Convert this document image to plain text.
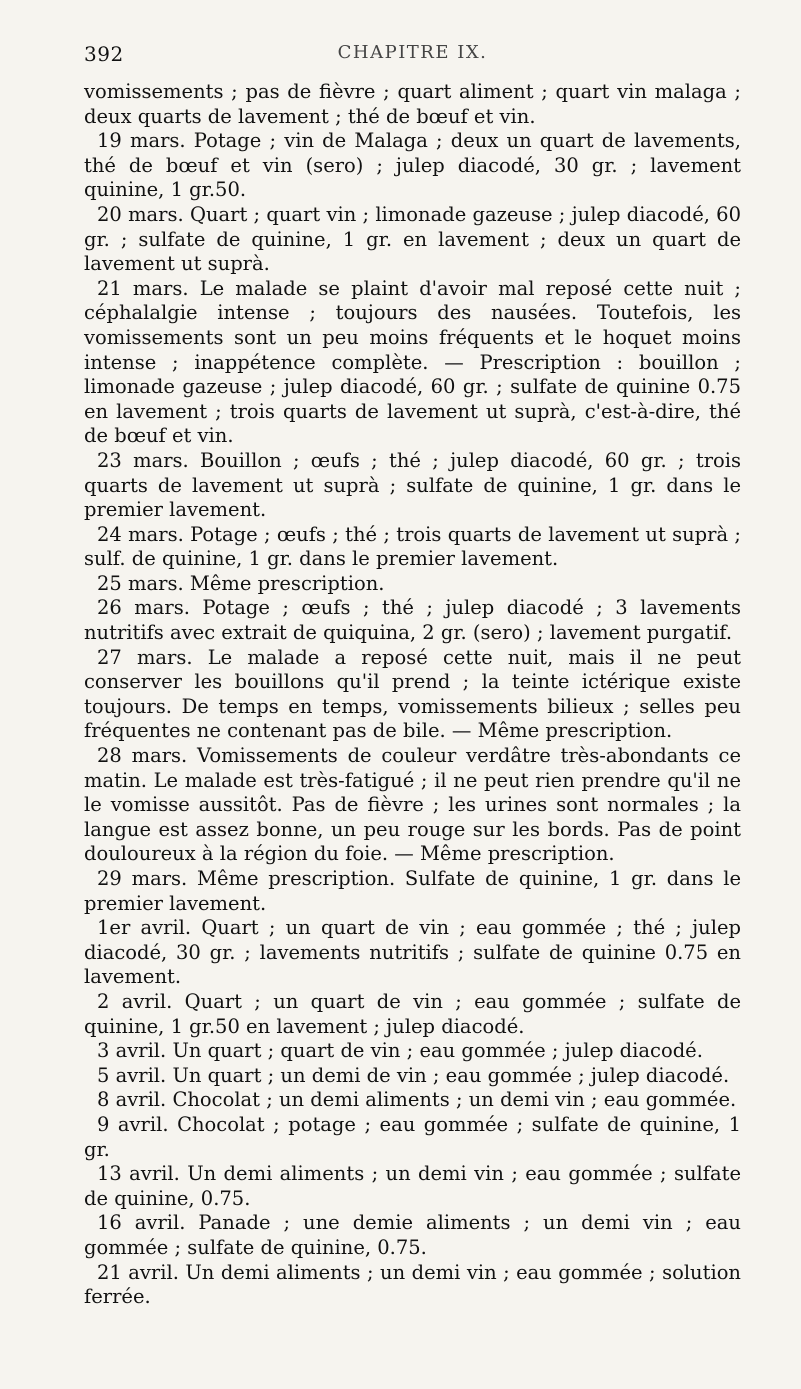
392	CHAPITRE IX.

vomissements ; pas de fièvre ; quart aliment ; quart vin malaga ; deux quarts de lavement ; thé de bœuf et vin.

19 mars. Potage ; vin de Malaga ; deux un quart de lavements, thé de bœuf et vin (sero) ; julep diacodé, 30 gr. ; lavement quinine, 1 gr.50.

20 mars. Quart ; quart vin ; limonade gazeuse ; julep diacodé, 60 gr. ; sulfate de quinine, 1 gr. en lavement ; deux un quart de lavement ut suprà.

21 mars. Le malade se plaint d'avoir mal reposé cette nuit ; céphalalgie intense ; toujours des nausées. Toutefois, les vomissements sont un peu moins fréquents et le hoquet moins intense ; inappétence complète. — Prescription : bouillon ; limonade gazeuse ; julep diacodé, 60 gr. ; sulfate de quinine 0.75 en lavement ; trois quarts de lavement ut suprà, c'est-à-dire, thé de bœuf et vin.

23 mars. Bouillon ; œufs ; thé ; julep diacodé, 60 gr. ; trois quarts de lavement ut suprà ; sulfate de quinine, 1 gr. dans le premier lavement.

24 mars. Potage ; œufs ; thé ; trois quarts de lavement ut suprà ; sulf. de quinine, 1 gr. dans le premier lavement.

25 mars. Même prescription.

26 mars. Potage ; œufs ; thé ; julep diacodé ; 3 lavements nutritifs avec extrait de quiquina, 2 gr. (sero) ; lavement purgatif.

27 mars. Le malade a reposé cette nuit, mais il ne peut conserver les bouillons qu'il prend ; la teinte ictérique existe toujours. De temps en temps, vomissements bilieux ; selles peu fréquentes ne contenant pas de bile. — Même prescription.

28 mars. Vomissements de couleur verdâtre très-abondants ce matin. Le malade est très-fatigué ; il ne peut rien prendre qu'il ne le vomisse aussitôt. Pas de fièvre ; les urines sont normales ; la langue est assez bonne, un peu rouge sur les bords. Pas de point douloureux à la région du foie. — Même prescription.

29 mars. Même prescription. Sulfate de quinine, 1 gr. dans le premier lavement.

1er avril. Quart ; un quart de vin ; eau gommée ; thé ; julep diacodé, 30 gr. ; lavements nutritifs ; sulfate de quinine 0.75 en lavement.

2 avril. Quart ; un quart de vin ; eau gommée ; sulfate de quinine, 1 gr.50 en lavement ; julep diacodé.

3 avril. Un quart ; quart de vin ; eau gommée ; julep diacodé.

5 avril. Un quart ; un demi de vin ; eau gommée ; julep diacodé.

8 avril. Chocolat ; un demi aliments ; un demi vin ; eau gommée.

9 avril. Chocolat ; potage ; eau gommée ; sulfate de quinine, 1 gr.

13 avril. Un demi aliments ; un demi vin ; eau gommée ; sulfate de quinine, 0.75.

16 avril. Panade ; une demie aliments ; un demi vin ; eau gommée ; sulfate de quinine, 0.75.

21 avril. Un demi aliments ; un demi vin ; eau gommée ; solution ferrée.
